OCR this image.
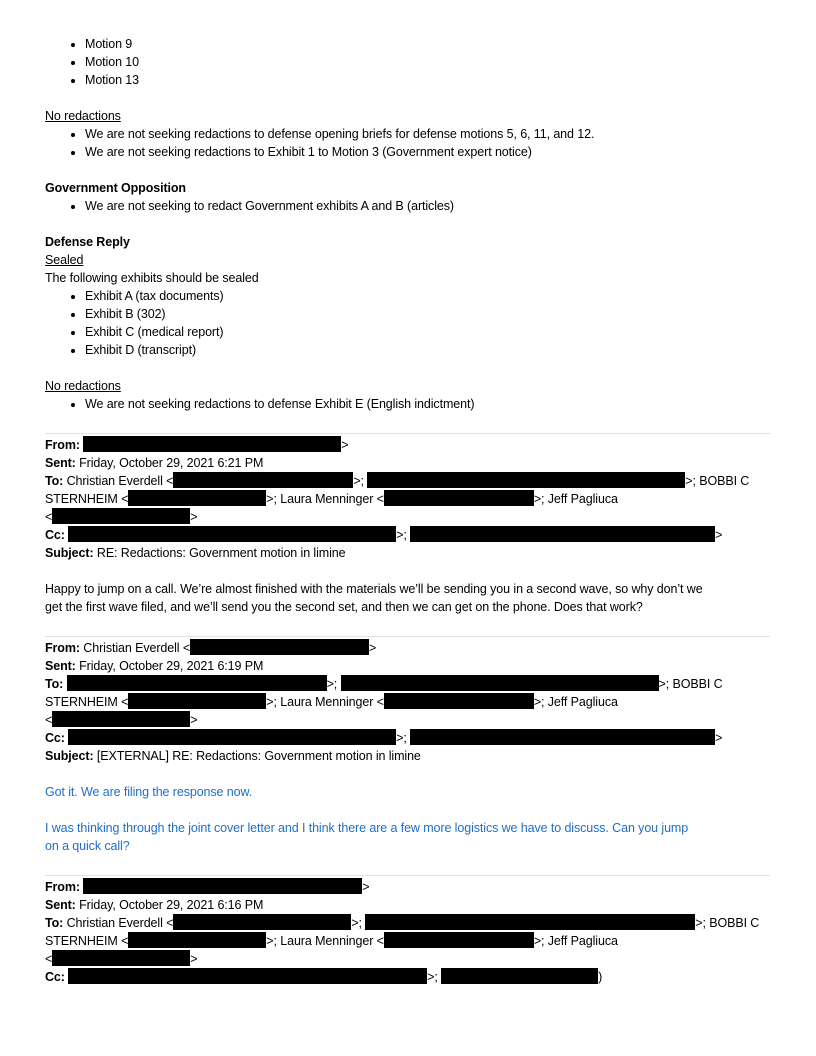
Motion 9
Motion 10
Motion 13
No redactions
We are not seeking redactions to defense opening briefs for defense motions 5, 6, 11, and 12.
We are not seeking redactions to Exhibit 1 to Motion 3 (Government expert notice)
Government Opposition
We are not seeking to redact Government exhibits A and B (articles)
Defense Reply
Sealed
The following exhibits should be sealed
Exhibit A (tax documents)
Exhibit B (302)
Exhibit C (medical report)
Exhibit D (transcript)
No redactions
We are not seeking redactions to defense Exhibit E (English indictment)
From:	>
Sent: Friday, October 29, 2021 6:21 PM
To: Christian Everdell <	>;	>; BOBBI C
STERNHEIM <	>; Laura Menninger <	>; Jeff Pagliuca
<	>
Cc:	>;	>
Subject: RE: Redactions: Government motion in limine
Happy to jump on a call. We’re almost finished with the materials we’ll be sending you in a second wave, so why don’t we
get the first wave filed, and we’ll send you the second set, and then we can get on the phone. Does that work?
From: Christian Everdell <	>
Sent: Friday, October 29, 2021 6:19 PM
To:	>;	>; BOBBI C
STERNHEIM <	>; Laura Menninger <	>; Jeff Pagliuca
<	>
Cc:	>;	>
Subject: [EXTERNAL] RE: Redactions: Government motion in limine
Got it. We are filing the response now.
I was thinking through the joint cover letter and I think there are a few more logistics we have to discuss. Can you jump
on a quick call?
From:	>
Sent: Friday, October 29, 2021 6:16 PM
To: Christian Everdell <	>;	>; BOBBI C
STERNHEIM <	>; Laura Menninger <	>; Jeff Pagliuca
<	>
Cc:	>;	)
